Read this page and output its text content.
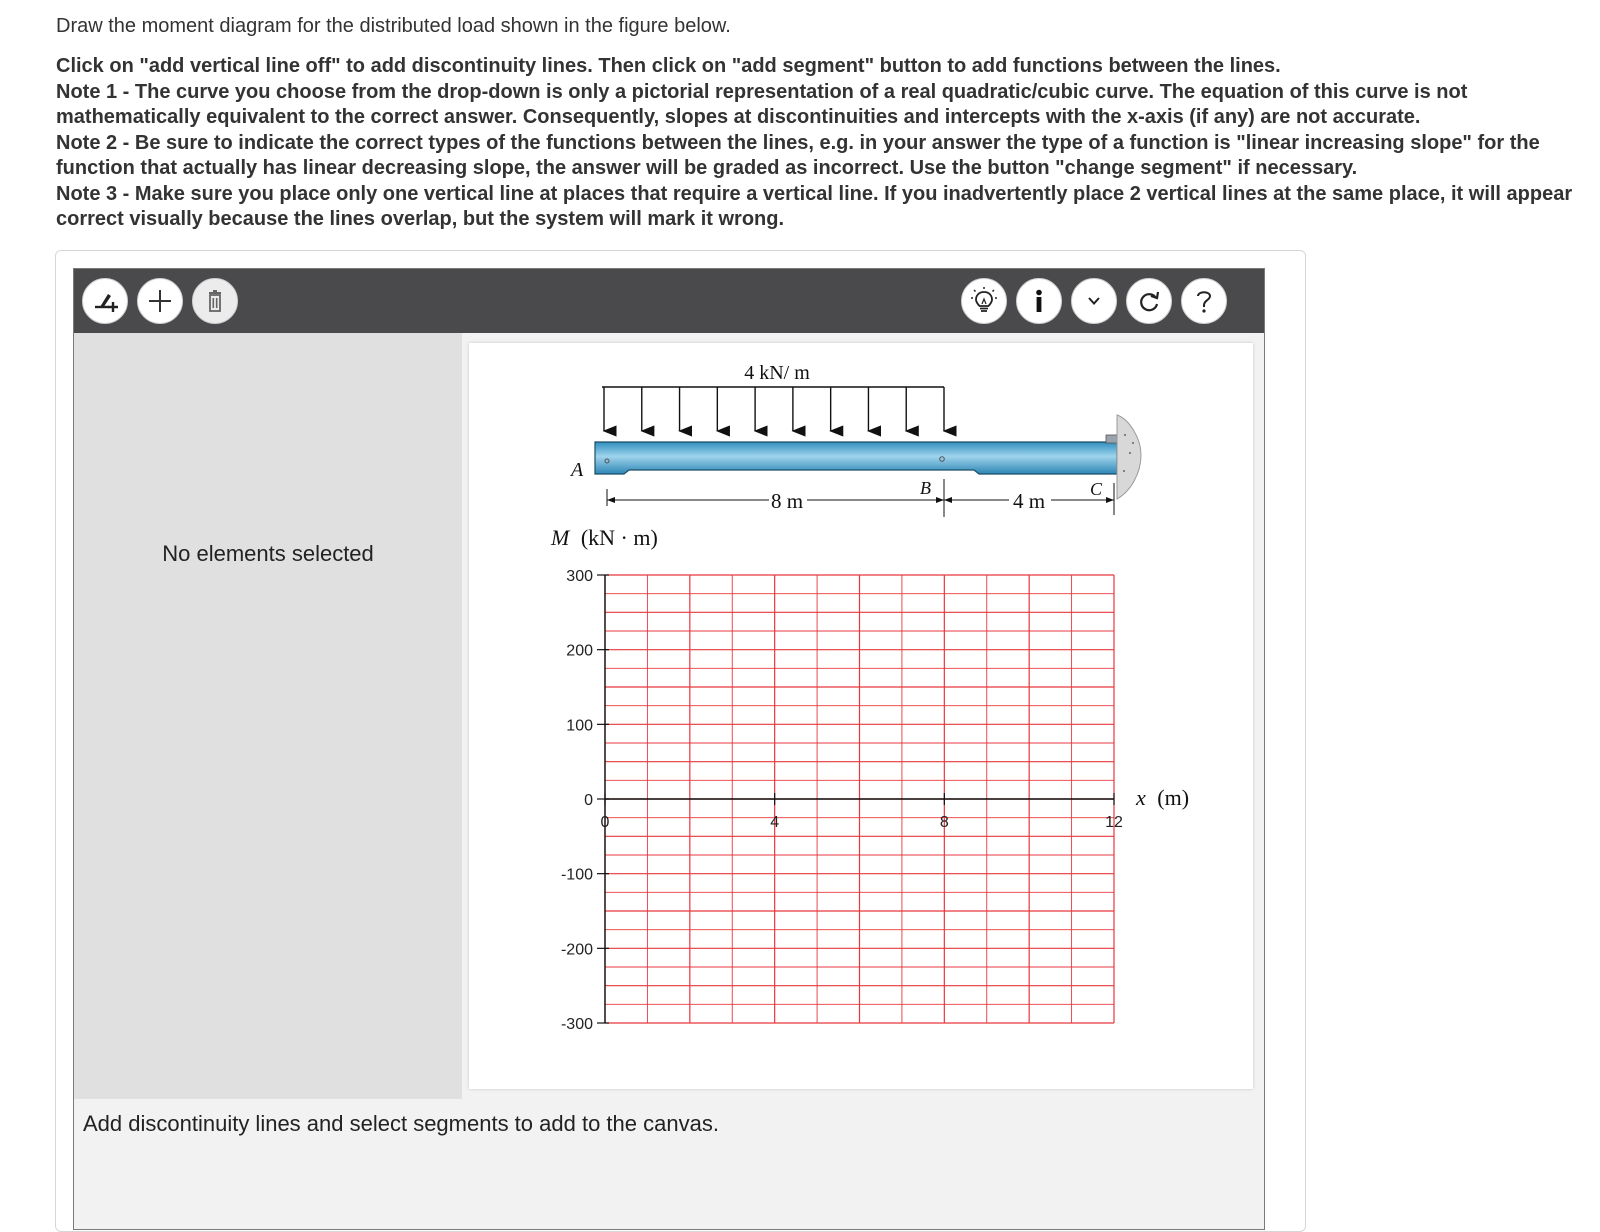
Draw the moment diagram for the distributed load shown in the figure below.

Click on "add vertical line off" to add discontinuity lines. Then click on "add segment" button to add functions between the lines.

Note 1 - The curve you choose from the drop-down is only a pictorial representation of a real quadratic/cubic curve. The equation of this curve is not mathematically equivalent to the correct answer. Consequently, slopes at discontinuities and intercepts with the x-axis (if any) are not accurate.

Note 2 - Be sure to indicate the correct types of the functions between the lines, e.g. in your answer the type of a function is "linear increasing slope" for the function that actually has linear decreasing slope, the answer will be graded as incorrect. Use the button "change segment" if necessary.

Note 3 - Make sure you place only one vertical line at places that require a vertical line. If you inadvertently place 2 vertical lines at the same place, it will appear correct visually because the lines overlap, but the system will mark it wrong.

No elements selected
4 kN/ m
A
B	C
8 m	4 m
300
200
100
0
-100
-200
-300
0	4	8	12
M (kN · m)
x (m)
Add discontinuity lines and select segments to add to the canvas.
